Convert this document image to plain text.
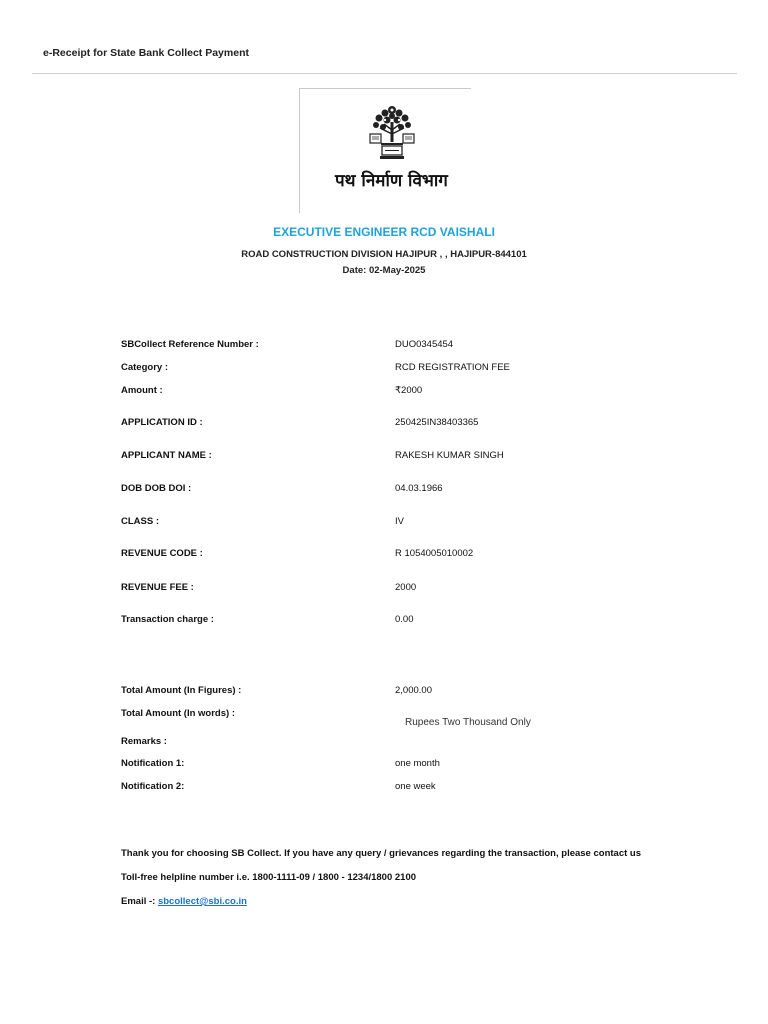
e-Receipt for State Bank Collect Payment
पथ निर्माण विभाग
EXECUTIVE ENGINEER RCD VAISHALI
ROAD CONSTRUCTION DIVISION HAJIPUR , , HAJIPUR-844101
Date: 02-May-2025
SBCollect Reference Number :	DUO0345454
Category :	RCD REGISTRATION FEE
Amount :	₹2000
APPLICATION ID :	250425IN38403365
APPLICANT NAME :	RAKESH KUMAR SINGH
DOB DOB DOI :	04.03.1966
CLASS :	IV
REVENUE CODE :	R 1054005010002
REVENUE FEE :	2000
Transaction charge :	0.00
Total Amount (In Figures) :	2,000.00
Total Amount (In words) :
Rupees Two Thousand Only
Remarks :
Notification 1:	one month
Notification 2:	one week
Thank you for choosing SB Collect. If you have any query / grievances regarding the transaction, please contact us
Toll-free helpline number i.e. 1800-1111-09 / 1800 - 1234/1800 2100
Email -: sbcollect@sbi.co.in
